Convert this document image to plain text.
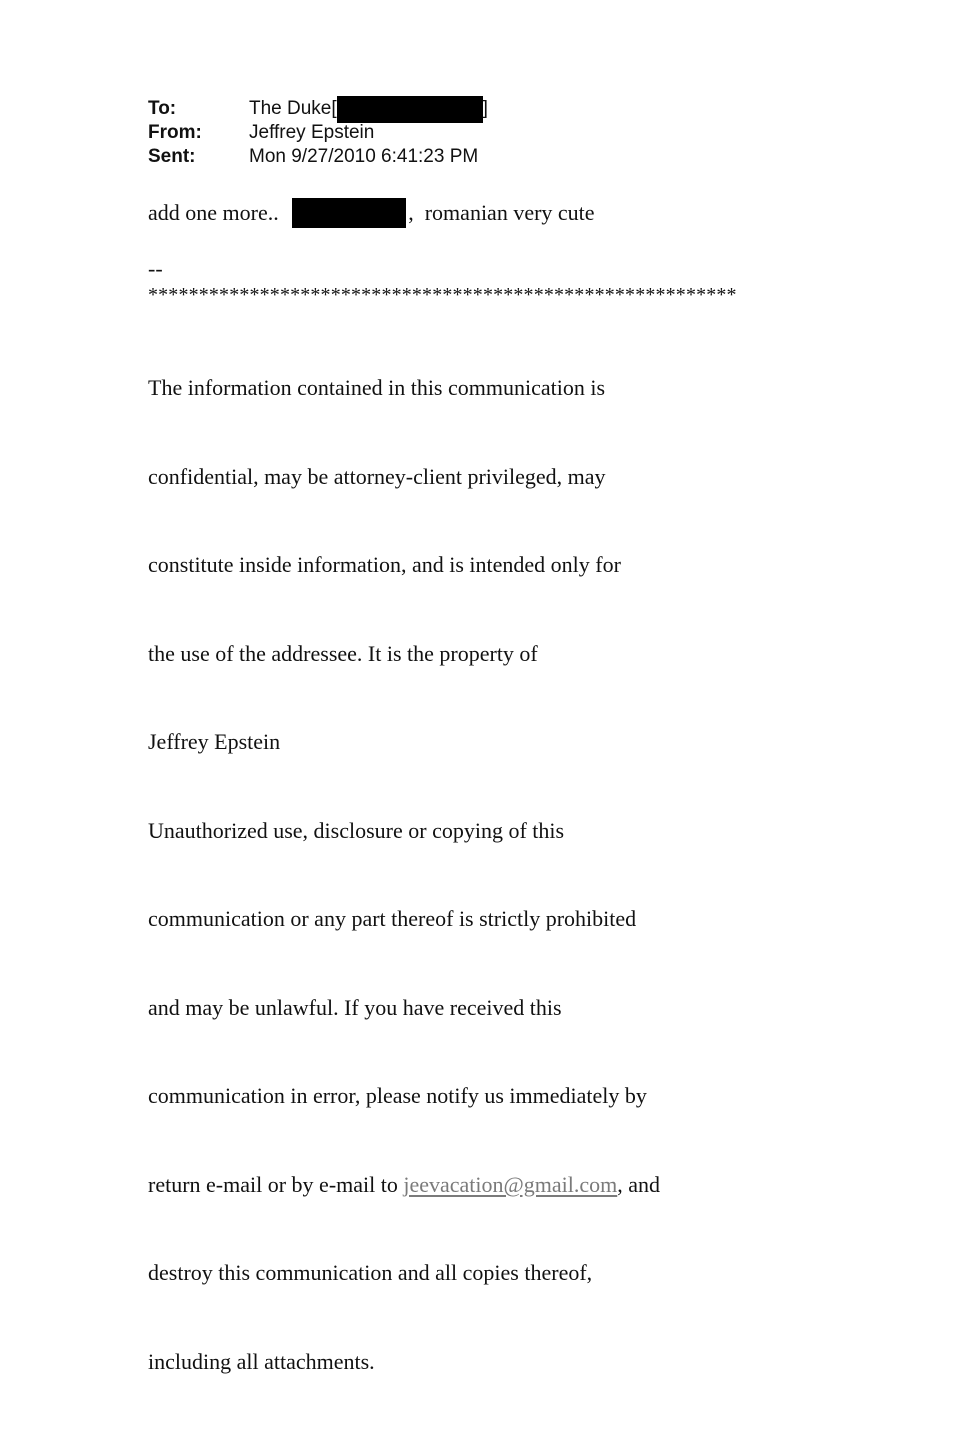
To:	The Duke[	]
From:	Jeffrey Epstein
Sent:	Mon 9/27/2010 6:41:23 PM
add one more..	,  romanian very cute
--
**********************************************************

The information contained in this communication is

confidential, may be attorney-client privileged, may

constitute inside information, and is intended only for

the use of the addressee. It is the property of

Jeffrey Epstein

Unauthorized use, disclosure or copying of this

communication or any part thereof is strictly prohibited

and may be unlawful. If you have received this

communication in error, please notify us immediately by

return e-mail or by e-mail to jeevacation@gmail.com, and

destroy this communication and all copies thereof,

including all attachments.
